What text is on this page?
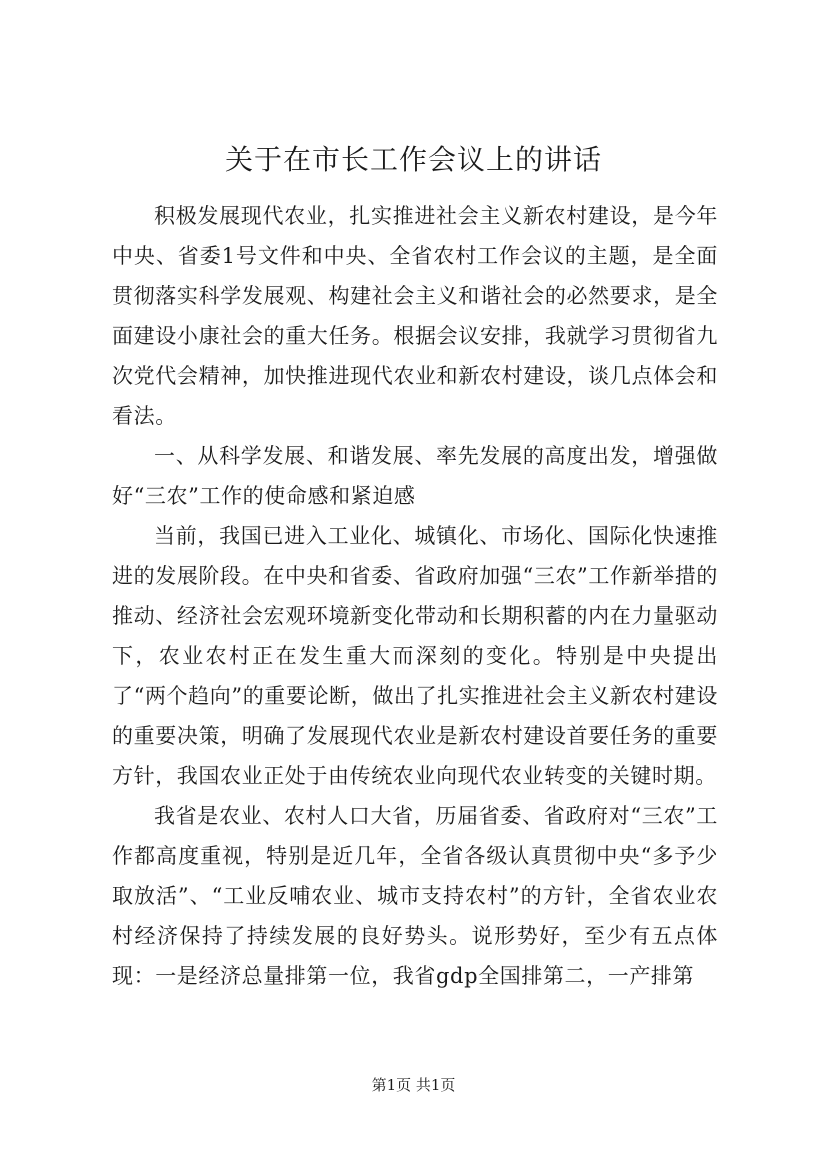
关于在市长工作会议上的讲话

积极发展现代农业，扎实推进社会主义新农村建设，是今年中央、省委1号文件和中央、全省农村工作会议的主题，是全面贯彻落实科学发展观、构建社会主义和谐社会的必然要求，是全面建设小康社会的重大任务。根据会议安排，我就学习贯彻省九次党代会精神，加快推进现代农业和新农村建设，谈几点体会和看法。

一、从科学发展、和谐发展、率先发展的高度出发，增强做好“三农”工作的使命感和紧迫感

当前，我国已进入工业化、城镇化、市场化、国际化快速推进的发展阶段。在中央和省委、省政府加强“三农”工作新举措的推动、经济社会宏观环境新变化带动和长期积蓄的内在力量驱动下，农业农村正在发生重大而深刻的变化。特别是中央提出了“两个趋向”的重要论断，做出了扎实推进社会主义新农村建设的重要决策，明确了发展现代农业是新农村建设首要任务的重要方针，我国农业正处于由传统农业向现代农业转变的关键时期。

我省是农业、农村人口大省，历届省委、省政府对“三农”工作都高度重视，特别是近几年，全省各级认真贯彻中央“多予少取放活”、“工业反哺农业、城市支持农村”的方针，全省农业农村经济保持了持续发展的良好势头。说形势好，至少有五点体现：一是经济总量排第一位，我省gdp全国排第二，一产排第

第1页 共1页
